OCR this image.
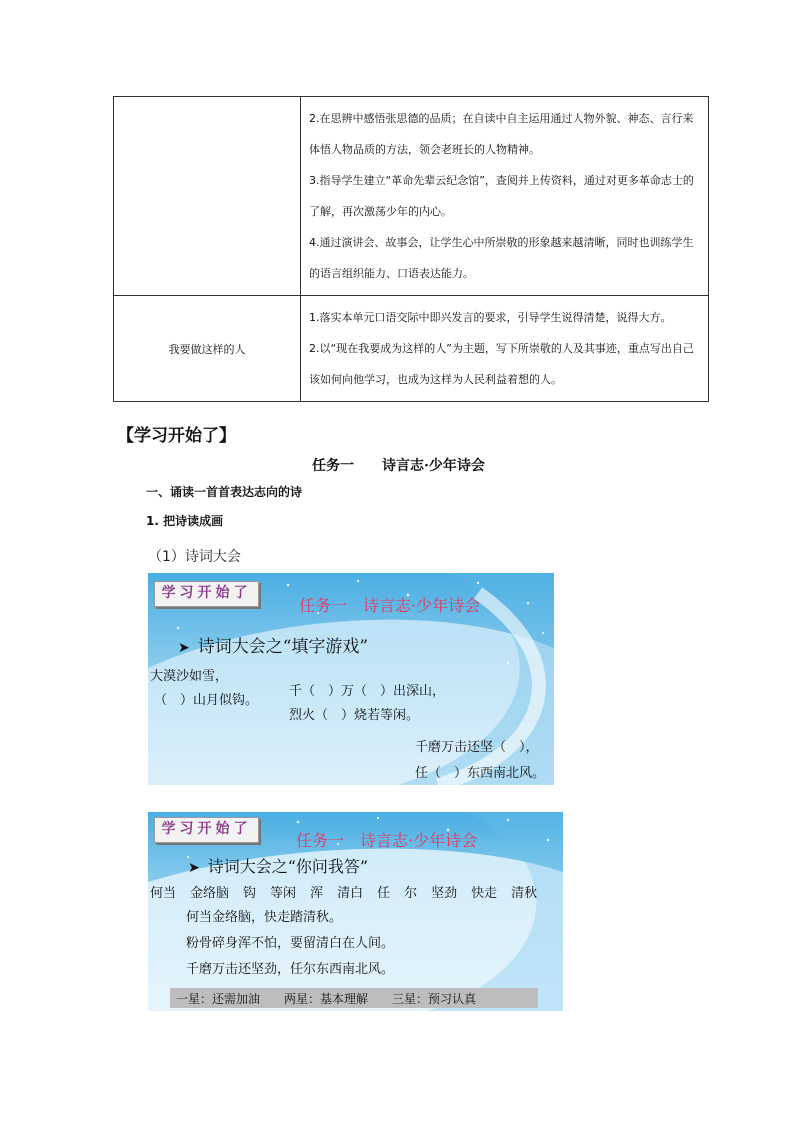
	2.在思辨中感悟张思德的品质；在自读中自主运用通过人物外貌、神态、言行来体悟人物品质的方法，领会老班长的人物精神。

3.指导学生建立“革命先辈云纪念馆”，查阅并上传资料，通过对更多革命志士的了解，再次激荡少年的内心。

4.通过演讲会、故事会，让学生心中所崇敬的形象越来越清晰，同时也训练学生的语言组织能力、口语表达能力。

我要做这样的人	1.落实本单元口语交际中即兴发言的要求，引导学生说得清楚，说得大方。

2.以“现在我要成为这样的人”为主题，写下所崇敬的人及其事迹，重点写出自己该如何向他学习，也成为这样为人民利益着想的人。

【学习开始了】
任务一　　诗言志·少年诗会
一、诵读一首首表达志向的诗
1. 把诗读成画
（1）诗词大会
学习开始了
任务一　诗言志·少年诗会
➤ 诗词大会之“填字游戏”
大漠沙如雪，
（　）山月似钩。
千（　）万（　）出深山，
烈火（　）烧若等闲。
千磨万击还坚（　），
任（　）东西南北风。
学习开始了
任务一　诗言志·少年诗会
➤ 诗词大会之“你问我答”
何当 金络脑 钩 等闲 浑 清白 任 尔 坚劲 快走 清秋
何当金络脑，快走踏清秋。
粉骨碎身浑不怕，要留清白在人间。
千磨万击还坚劲，任尔东西南北风。
一星：还需加油　　两星：基本理解　　三星：预习认真
